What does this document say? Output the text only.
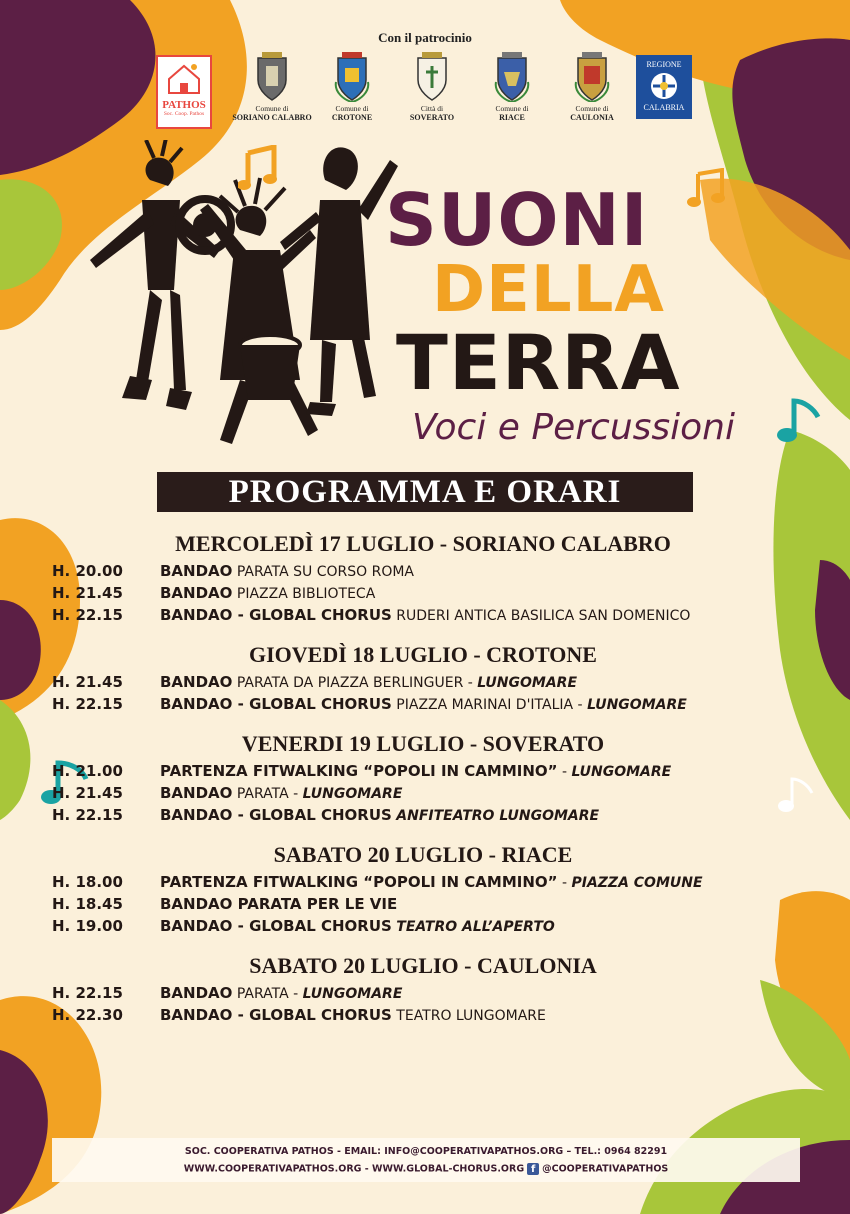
Con il patrocinio
PATHOS
Soc. Coop. Pathos
Comune di
SORIANO CALABRO
Comune di
CROTONE
Città di
SOVERATO
Comune di
RIACE
Comune di
CAULONIA
REGIONE
CALABRIA
SUONI
DELLA
TERRA
Voci e Percussioni
PROGRAMMA E ORARI
MERCOLEDÌ 17 LUGLIO - SORIANO CALABRO
H. 20.00 BANDAO PARATA SU CORSO ROMA
H. 21.45 BANDAO PIAZZA BIBLIOTECA
H. 22.15 BANDAO - GLOBAL CHORUS RUDERI ANTICA BASILICA SAN DOMENICO
GIOVEDÌ 18 LUGLIO - CROTONE
H. 21.45 BANDAO PARATA DA PIAZZA BERLINGUER - LUNGOMARE
H. 22.15 BANDAO - GLOBAL CHORUS PIAZZA MARINAI D'ITALIA - LUNGOMARE
VENERDI 19 LUGLIO - SOVERATO
H. 21.00 PARTENZA FITWALKING “POPOLI IN CAMMINO” - LUNGOMARE
H. 21.45 BANDAO PARATA - LUNGOMARE
H. 22.15 BANDAO - GLOBAL CHORUS ANFITEATRO LUNGOMARE
SABATO 20 LUGLIO - RIACE
H. 18.00 PARTENZA FITWALKING “POPOLI IN CAMMINO” - PIAZZA COMUNE
H. 18.45 BANDAO PARATA PER LE VIE
H. 19.00 BANDAO - GLOBAL CHORUS TEATRO ALL’APERTO
SABATO 20 LUGLIO - CAULONIA
H. 22.15 BANDAO PARATA - LUNGOMARE
H. 22.30 BANDAO - GLOBAL CHORUS TEATRO LUNGOMARE
SOC. COOPERATIVA PATHOS - EMAIL: INFO@COOPERATIVAPATHOS.ORG – TEL.: 0964 82291
WWW.COOPERATIVAPATHOS.ORG - WWW.GLOBAL-CHORUS.ORG f @COOPERATIVAPATHOS
